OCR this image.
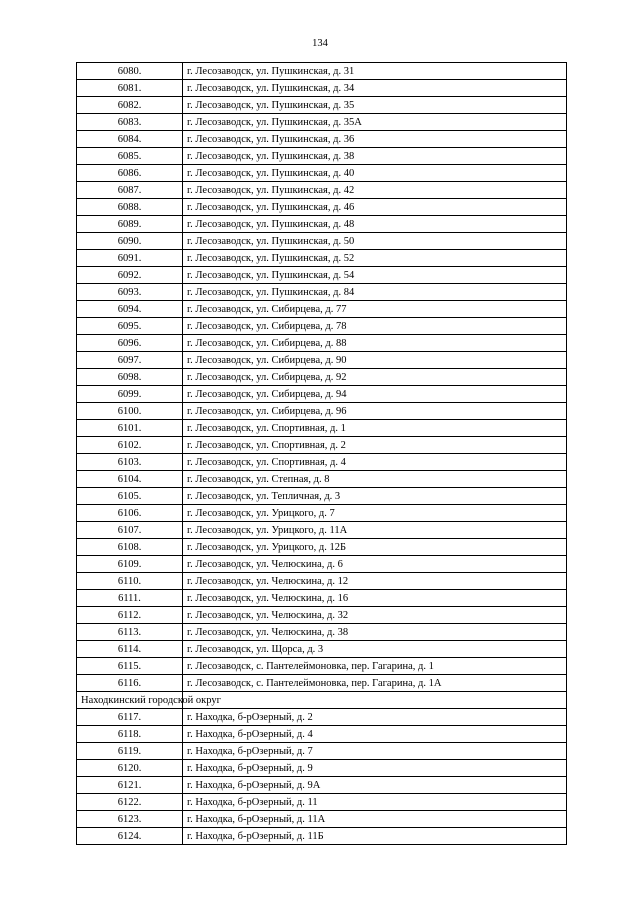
134
6080.	г. Лесозаводск, ул. Пушкинская, д. 31
6081.	г. Лесозаводск, ул. Пушкинская, д. 34
6082.	г. Лесозаводск, ул. Пушкинская, д. 35
6083.	г. Лесозаводск, ул. Пушкинская, д. 35А
6084.	г. Лесозаводск, ул. Пушкинская, д. 36
6085.	г. Лесозаводск, ул. Пушкинская, д. 38
6086.	г. Лесозаводск, ул. Пушкинская, д. 40
6087.	г. Лесозаводск, ул. Пушкинская, д. 42
6088.	г. Лесозаводск, ул. Пушкинская, д. 46
6089.	г. Лесозаводск, ул. Пушкинская, д. 48
6090.	г. Лесозаводск, ул. Пушкинская, д. 50
6091.	г. Лесозаводск, ул. Пушкинская, д. 52
6092.	г. Лесозаводск, ул. Пушкинская, д. 54
6093.	г. Лесозаводск, ул. Пушкинская, д. 84
6094.	г. Лесозаводск, ул. Сибирцева, д. 77
6095.	г. Лесозаводск, ул. Сибирцева, д. 78
6096.	г. Лесозаводск, ул. Сибирцева, д. 88
6097.	г. Лесозаводск, ул. Сибирцева, д. 90
6098.	г. Лесозаводск, ул. Сибирцева, д. 92
6099.	г. Лесозаводск, ул. Сибирцева, д. 94
6100.	г. Лесозаводск, ул. Сибирцева, д. 96
6101.	г. Лесозаводск, ул. Спортивная, д. 1
6102.	г. Лесозаводск, ул. Спортивная, д. 2
6103.	г. Лесозаводск, ул. Спортивная, д. 4
6104.	г. Лесозаводск, ул. Степная, д. 8
6105.	г. Лесозаводск, ул. Тепличная, д. 3
6106.	г. Лесозаводск, ул. Урицкого, д. 7
6107.	г. Лесозаводск, ул. Урицкого, д. 11А
6108.	г. Лесозаводск, ул. Урицкого, д. 12Б
6109.	г. Лесозаводск, ул. Челюскина, д. 6
6110.	г. Лесозаводск, ул. Челюскина, д. 12
6111.	г. Лесозаводск, ул. Челюскина, д. 16
6112.	г. Лесозаводск, ул. Челюскина, д. 32
6113.	г. Лесозаводск, ул. Челюскина, д. 38
6114.	г. Лесозаводск, ул. Щорса, д. 3
6115.	г. Лесозаводск, с. Пантелеймоновка, пер. Гагарина, д. 1
6116.	г. Лесозаводск, с. Пантелеймоновка, пер. Гагарина, д. 1А
Находкинский городской округ	
6117.	г. Находка, б-рОзерный, д. 2
6118.	г. Находка, б-рОзерный, д. 4
6119.	г. Находка, б-рОзерный, д. 7
6120.	г. Находка, б-рОзерный, д. 9
6121.	г. Находка, б-рОзерный, д. 9А
6122.	г. Находка, б-рОзерный, д. 11
6123.	г. Находка, б-рОзерный, д. 11А
6124.	г. Находка, б-рОзерный, д. 11Б
